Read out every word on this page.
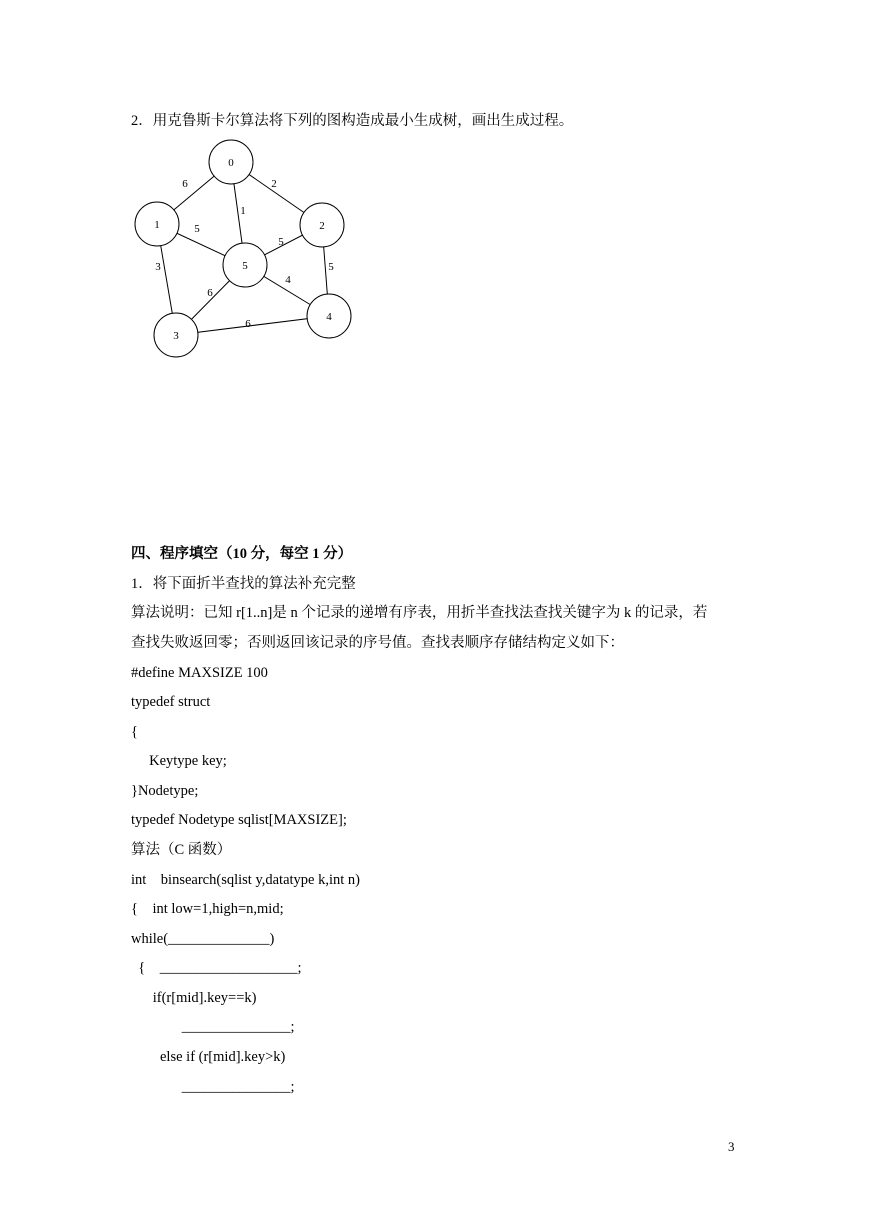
2．用克鲁斯卡尔算法将下列的图构造成最小生成树，画出生成过程。
6	2
1
5
5
3	5
4
6
6
0
1	2
5
4
3
四、程序填空（10 分，每空 1 分）
1．将下面折半查找的算法补充完整
算法说明：已知 r[1..n]是 n 个记录的递增有序表，用折半查找法查找关键字为 k 的记录，若
查找失败返回零；否则返回该记录的序号值。查找表顺序存储结构定义如下：
#define MAXSIZE 100
typedef struct
{
Keytype key;
}Nodetype;
typedef Nodetype sqlist[MAXSIZE];
算法（C 函数）
int    binsearch(sqlist y,datatype k,int n)
{    int low=1,high=n,mid;
while(______________)
{    ___________________;
if(r[mid].key==k)
_______________;
else if (r[mid].key>k)
_______________;
3
